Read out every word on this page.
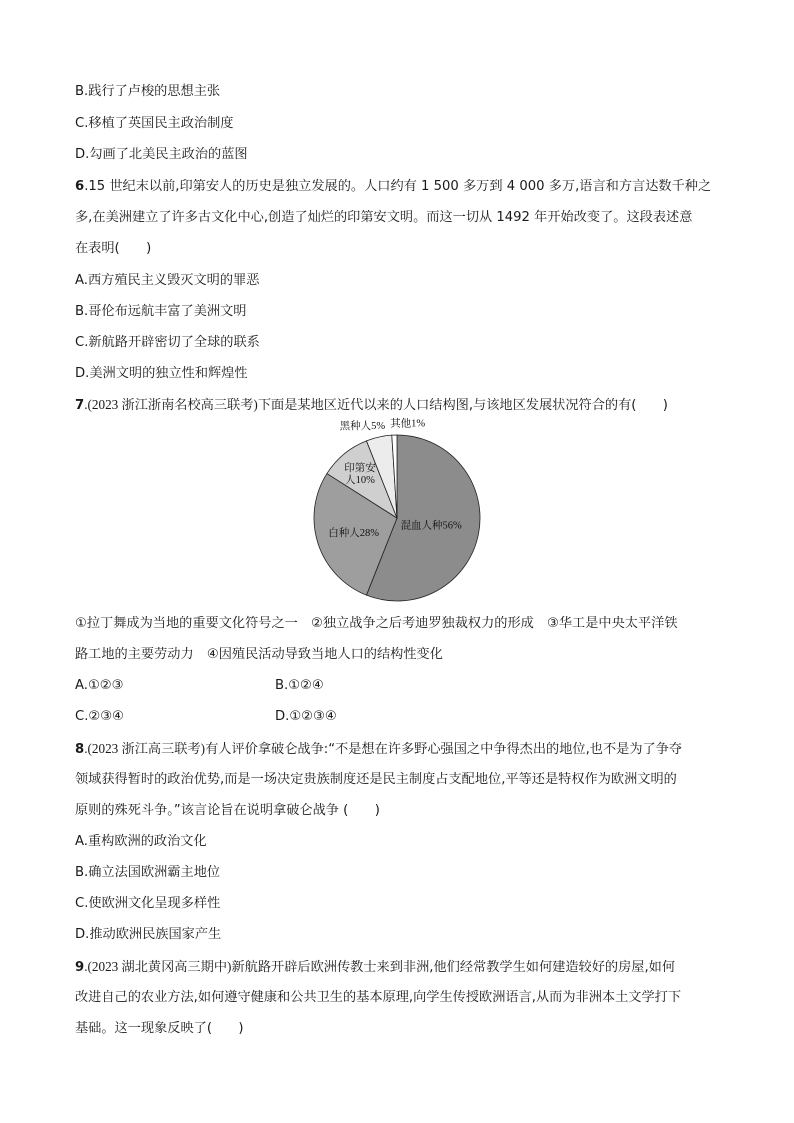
B.践行了卢梭的思想主张
C.移植了英国民主政治制度
D.勾画了北美民主政治的蓝图
6.15 世纪末以前,印第安人的历史是独立发展的。人口约有 1 500 多万到 4 000 多万,语言和方言达数千种之
多,在美洲建立了许多古文化中心,创造了灿烂的印第安文明。而这一切从 1492 年开始改变了。这段表述意
在表明(　　)
A.西方殖民主义毁灭文明的罪恶
B.哥伦布远航丰富了美洲文明
C.新航路开辟密切了全球的联系
D.美洲文明的独立性和辉煌性
7.(2023 浙江浙南名校高三联考)下面是某地区近代以来的人口结构图,与该地区发展状况符合的有(　　)
混血人种56%
白种人28%
印第安人10%
黑种人5% 其他1%
①拉丁舞成为当地的重要文化符号之一　②独立战争之后考迪罗独裁权力的形成　③华工是中央太平洋铁
路工地的主要劳动力　④因殖民活动导致当地人口的结构性变化
A.①②③	B.①②④
C.②③④	D.①②③④
8.(2023 浙江高三联考)有人评价拿破仑战争:“不是想在许多野心强国之中争得杰出的地位,也不是为了争夺
领域获得暂时的政治优势,而是一场决定贵族制度还是民主制度占支配地位,平等还是特权作为欧洲文明的
原则的殊死斗争。”该言论旨在说明拿破仑战争 (　　)
A.重构欧洲的政治文化
B.确立法国欧洲霸主地位
C.使欧洲文化呈现多样性
D.推动欧洲民族国家产生
9.(2023 湖北黄冈高三期中)新航路开辟后欧洲传教士来到非洲,他们经常教学生如何建造较好的房屋,如何
改进自己的农业方法,如何遵守健康和公共卫生的基本原理,向学生传授欧洲语言,从而为非洲本土文学打下
基础。这一现象反映了(　　)
